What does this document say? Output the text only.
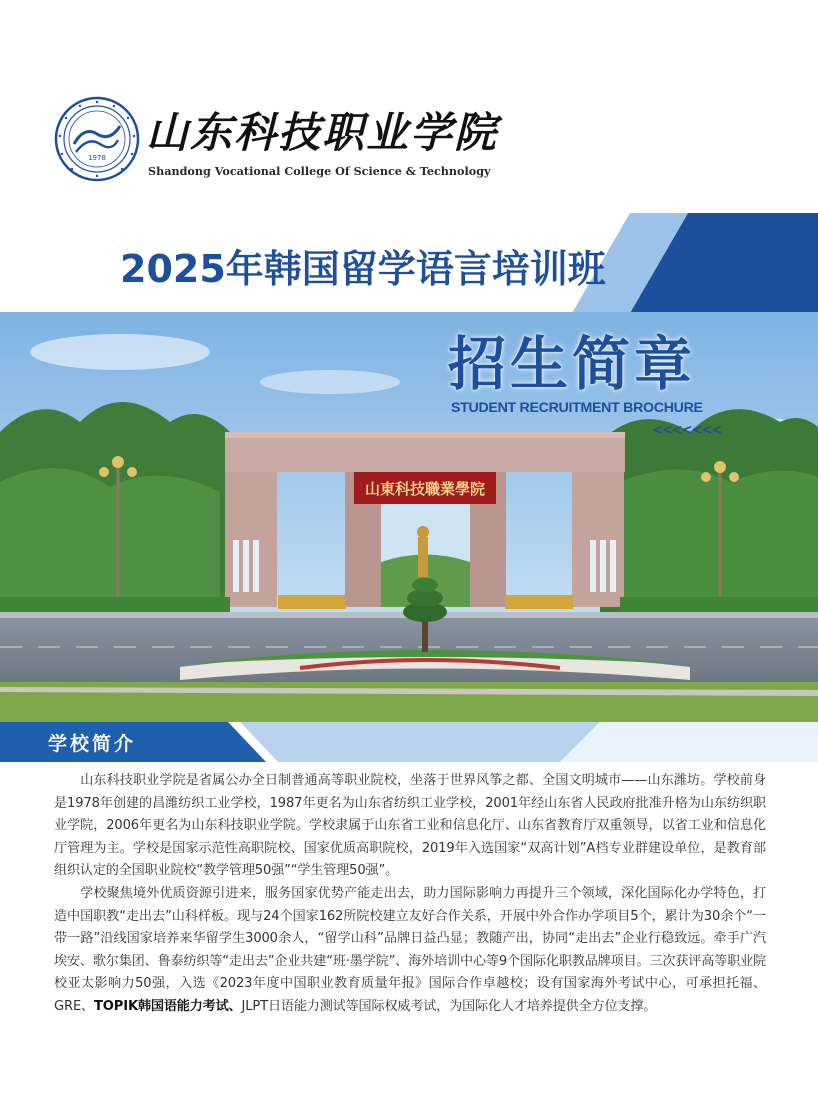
1978
山东科技职业学院
Shandong Vocational College Of Science & Technology
2025年韩国留学语言培训班
山東科技職業學院
招生简章
STUDENT RECRUITMENT BROCHURE
<<<<<<<
学校简介

山东科技职业学院是省属公办全日制普通高等职业院校，坐落于世界风筝之都、全国文明城市——山东潍坊。学校前身是1978年创建的昌潍纺织工业学校，1987年更名为山东省纺织工业学校，2001年经山东省人民政府批准升格为山东纺织职业学院，2006年更名为山东科技职业学院。学校隶属于山东省工业和信息化厅、山东省教育厅双重领导，以省工业和信息化厅管理为主。学校是国家示范性高职院校、国家优质高职院校，2019年入选国家“双高计划”A档专业群建设单位，是教育部组织认定的全国职业院校“教学管理50强”“学生管理50强”。

学校聚焦境外优质资源引进来，服务国家优势产能走出去，助力国际影响力再提升三个领域，深化国际化办学特色，打造中国职教“走出去”山科样板。现与24个国家162所院校建立友好合作关系，开展中外合作办学项目5个，累计为30余个“一带一路”沿线国家培养来华留学生3000余人，“留学山科”品牌日益凸显；教随产出，协同“走出去”企业行稳致远。牵手广汽埃安、歌尔集团、鲁泰纺织等“走出去”企业共建“班·墨学院”、海外培训中心等9个国际化职教品牌项目。三次获评高等职业院校亚太影响力50强，入选《2023年度中国职业教育质量年报》国际合作卓越校；设有国家海外考试中心，可承担托福、GRE、TOPIK韩国语能力考试、JLPT日语能力测试等国际权威考试，为国际化人才培养提供全方位支撑。
